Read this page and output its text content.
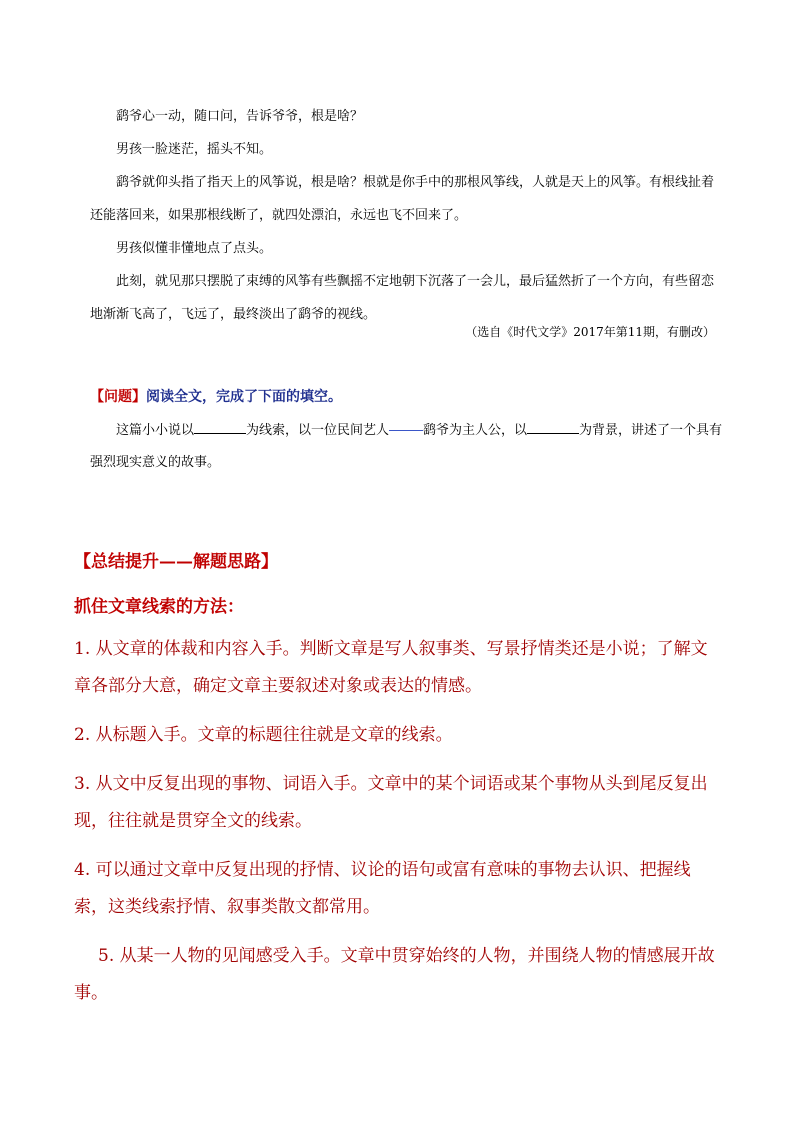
鹞爷心一动，随口问，告诉爷爷，根是啥？

男孩一脸迷茫，摇头不知。

鹞爷就仰头指了指天上的风筝说，根是啥？根就是你手中的那根风筝线，人就是天上的风筝。有根线扯着还能落回来，如果那根线断了，就四处漂泊，永远也飞不回来了。

男孩似懂非懂地点了点头。

此刻，就见那只摆脱了束缚的风筝有些飘摇不定地朝下沉落了一会儿，最后猛然折了一个方向，有些留恋地渐渐飞高了，飞远了，最终淡出了鹞爷的视线。

（选自《时代文学》2017年第11期，有删改）
【问题】阅读全文，完成了下面的填空。

这篇小小说以	为线索，以一位民间艺人	鹞爷为主人公，以	为背景，讲述了一个具有强烈现实意义的故事。

【总结提升——解题思路】
抓住文章线索的方法：

1. 从文章的体裁和内容入手。判断文章是写人叙事类、写景抒情类还是小说；了解文章各部分大意，确定文章主要叙述对象或表达的情感。

2. 从标题入手。文章的标题往往就是文章的线索。

3. 从文中反复出现的事物、词语入手。文章中的某个词语或某个事物从头到尾反复出现，往往就是贯穿全文的线索。

4. 可以通过文章中反复出现的抒情、议论的语句或富有意味的事物去认识、把握线索，这类线索抒情、叙事类散文都常用。

5. 从某一人物的见闻感受入手。文章中贯穿始终的人物，并围绕人物的情感展开故事。
